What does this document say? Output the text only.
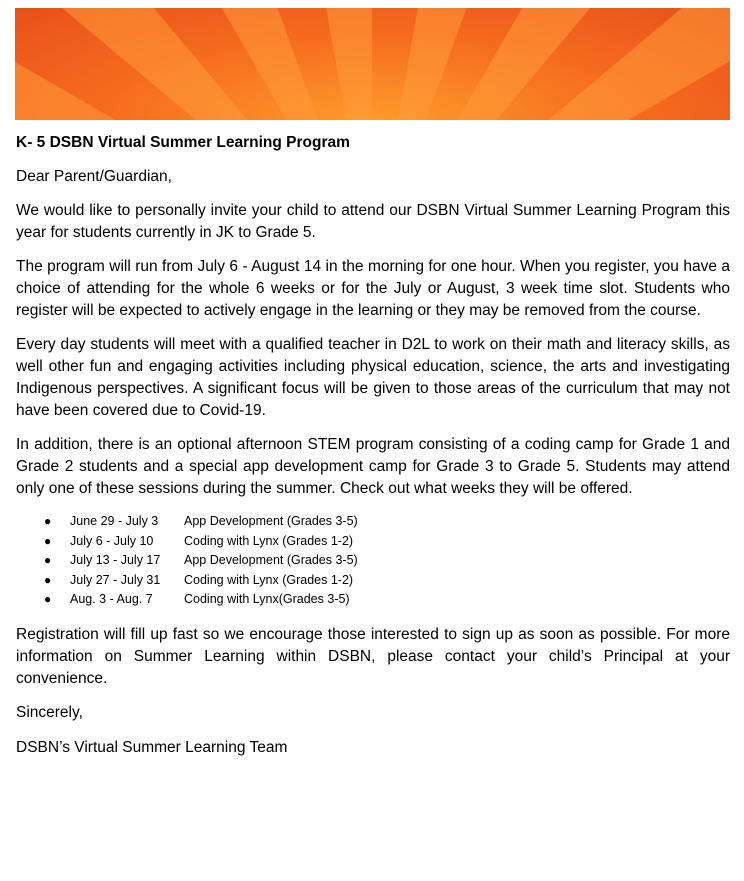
K- 5 DSBN Virtual Summer Learning Program

Dear Parent/Guardian,

We would like to personally invite your child to attend our DSBN Virtual Summer Learning Program this year for students currently in JK to Grade 5.

The program will run from July 6 - August 14 in the morning for one hour. When you register, you have a choice of attending for the whole 6 weeks or for the July or August, 3 week time slot. Students who register will be expected to actively engage in the learning or they may be removed from the course.

Every day students will meet with a qualified teacher in D2L to work on their math and literacy skills, as well other fun and engaging activities including physical education, science, the arts and investigating Indigenous perspectives. A significant focus will be given to those areas of the curriculum that may not have been covered due to Covid-19.

In addition, there is an optional afternoon STEM program consisting of a coding camp for Grade 1 and Grade 2 students and a special app development camp for Grade 3 to Grade 5. Students may attend only one of these sessions during the summer. Check out what weeks they will be offered.

●	June 29 - July 3	App Development (Grades 3-5)
●	July 6 - July 10	Coding with Lynx (Grades 1-2)
●	July 13 - July 17	App Development (Grades 3-5)
●	July 27 - July 31	Coding with Lynx (Grades 1-2)
●	Aug. 3 - Aug. 7	Coding with Lynx(Grades 3-5)

Registration will fill up fast so we encourage those interested to sign up as soon as possible. For more information on Summer Learning within DSBN, please contact your child’s Principal at your convenience.

Sincerely,

DSBN’s Virtual Summer Learning Team
